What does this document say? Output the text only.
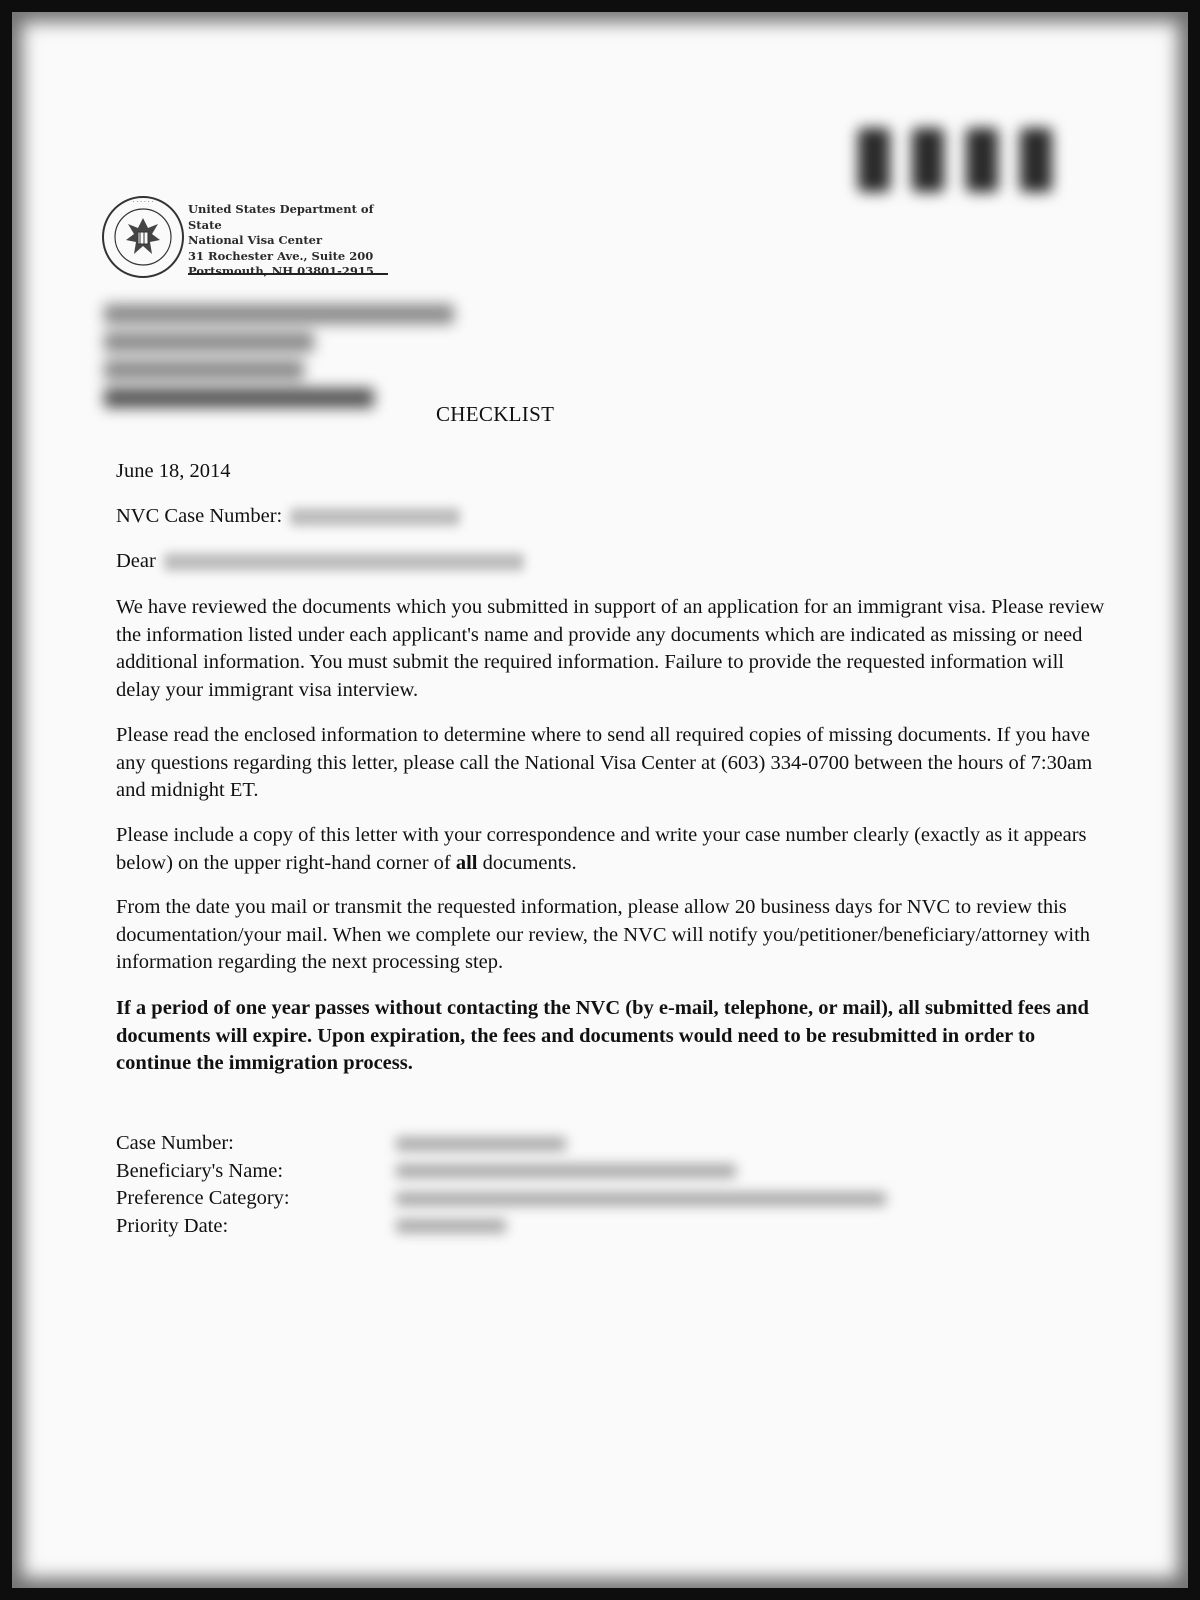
· · · · · ·	United States Department of State
National Visa Center
31 Rochester Ave., Suite 200
Portsmouth, NH 03801-2915
CHECKLIST
June 18, 2014
NVC Case Number:
Dear
We have reviewed the documents which you submitted in support of an application for an immigrant visa. Please review the information listed under each applicant's name and provide any documents which are indicated as missing or need additional information. You must submit the required information. Failure to provide the requested information will delay your immigrant visa interview.
Please read the enclosed information to determine where to send all required copies of missing documents. If you have any questions regarding this letter, please call the National Visa Center at (603) 334-0700 between the hours of 7:30am and midnight ET.
Please include a copy of this letter with your correspondence and write your case number clearly (exactly as it appears below) on the upper right-hand corner of all documents.
From the date you mail or transmit the requested information, please allow 20 business days for NVC to review this documentation/your mail. When we complete our review, the NVC will notify you/petitioner/beneficiary/attorney with information regarding the next processing step.
If a period of one year passes without contacting the NVC (by e-mail, telephone, or mail), all submitted fees and documents will expire. Upon expiration, the fees and documents would need to be resubmitted in order to continue the immigration process.
Case Number:
Beneficiary's Name:
Preference Category:
Priority Date:
